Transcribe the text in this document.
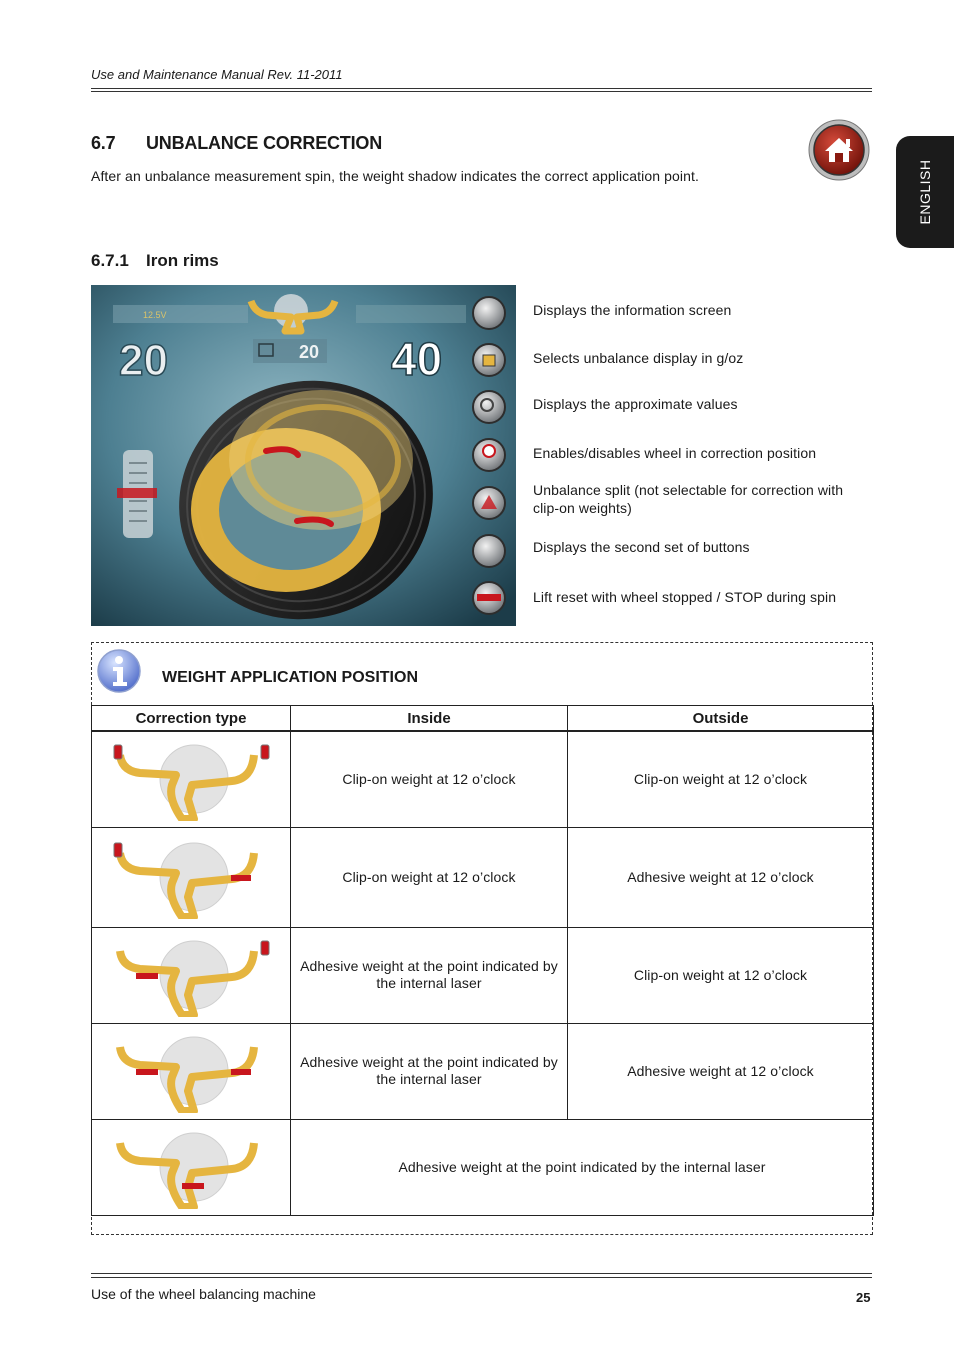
Use and Maintenance Manual Rev. 11-2011
ENGLISH
6.7 UNBALANCE CORRECTION
After an unbalance measurement spin, the weight shadow indicates the correct application point.
6.7.1 Iron rims
12.5V
20	40
20
Displays the information screen
Selects unbalance display in g/oz
Displays the approximate values
Enables/disables wheel in correction position
Unbalance split (not selectable for correction with clip-on weights)
Displays the second set of buttons
Lift reset with wheel stopped / STOP during spin
WEIGHT APPLICATION POSITION
Correction type	Inside	Outside

	Clip-on weight at 12 o’clock	Clip-on weight at 12 o’clock

	Clip-on weight at 12 o’clock	Adhesive weight at 12 o’clock

	Adhesive weight at the point indicated by the internal laser	Clip-on weight at 12 o’clock

	Adhesive weight at the point indicated by the internal laser	Adhesive weight at 12 o’clock

	Adhesive weight at the point indicated by the internal laser	
Use of the wheel balancing machine	25
